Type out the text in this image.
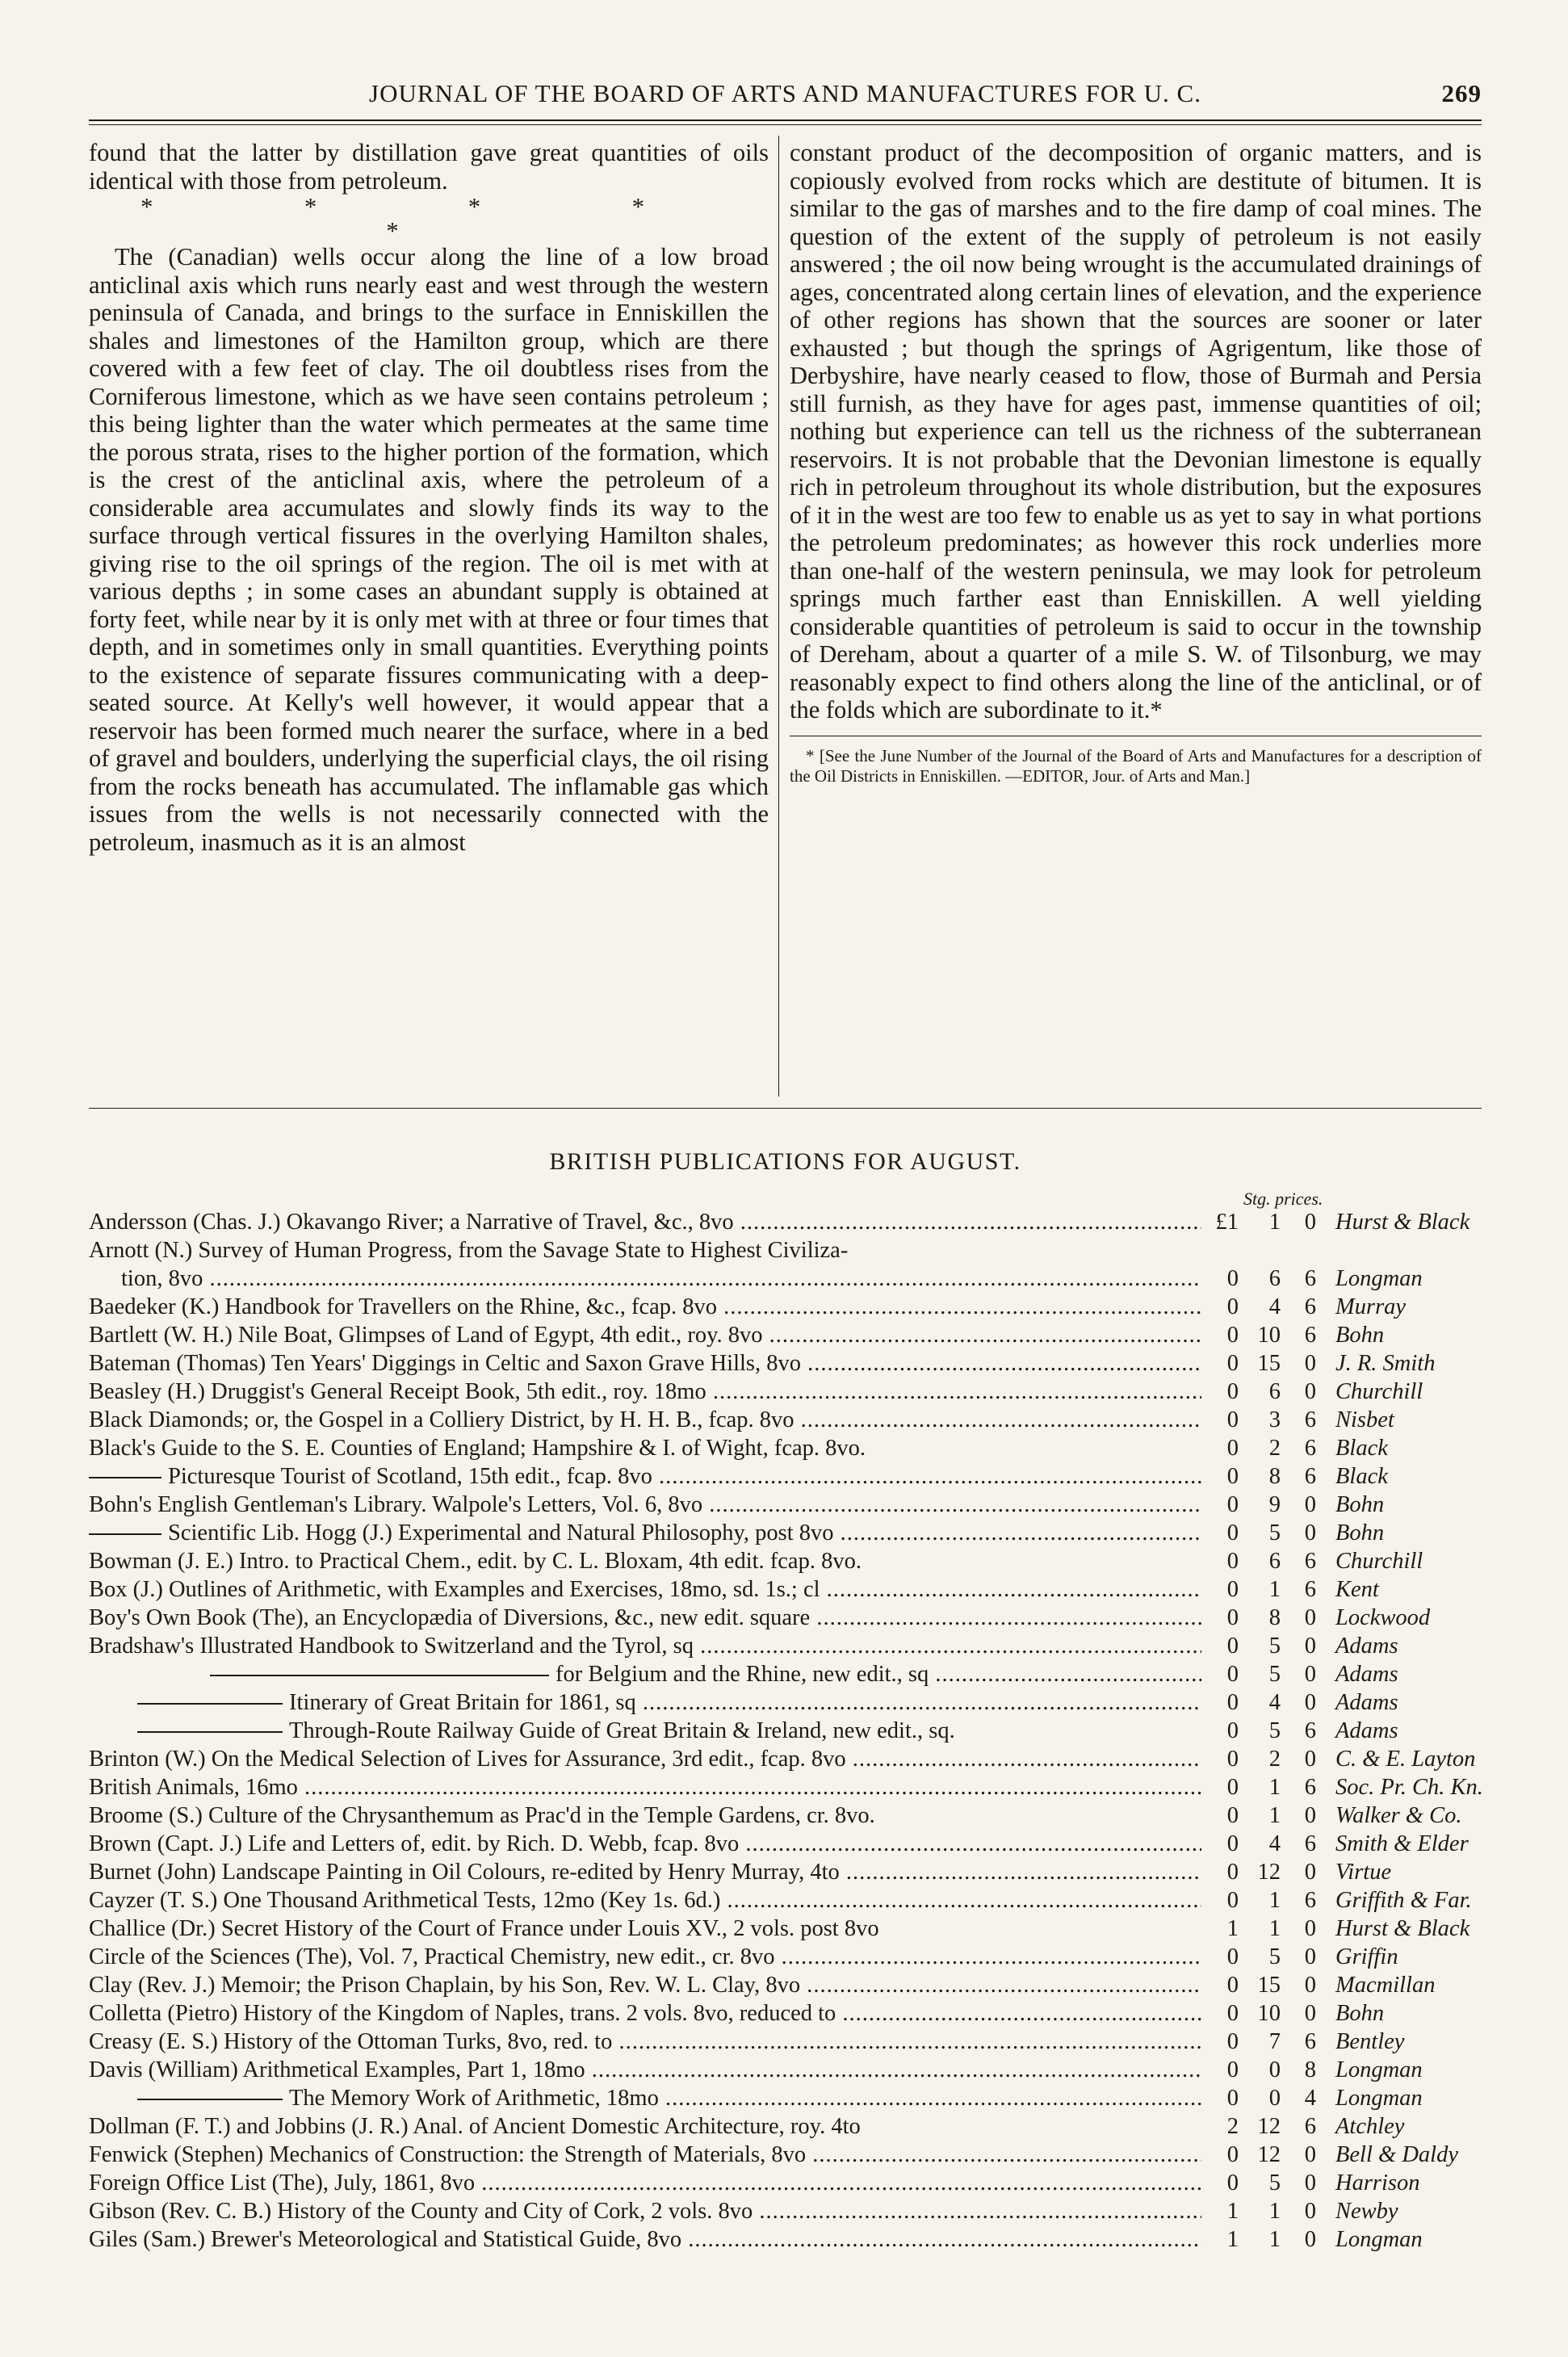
JOURNAL OF THE BOARD OF ARTS AND MANUFACTURES FOR U. C.	269

found that the latter by distillation gave great quantities of oils identical with those from petroleum.

* * * * *

The (Canadian) wells occur along the line of a low broad anticlinal axis which runs nearly east and west through the western peninsula of Canada, and brings to the surface in Enniskillen the shales and limestones of the Hamilton group, which are there covered with a few feet of clay. The oil doubtless rises from the Corniferous limestone, which as we have seen contains petroleum ; this being lighter than the water which permeates at the same time the porous strata, rises to the higher portion of the formation, which is the crest of the anticlinal axis, where the petroleum of a considerable area accumulates and slowly finds its way to the surface through vertical fissures in the overlying Hamilton shales, giving rise to the oil springs of the region. The oil is met with at various depths ; in some cases an abundant supply is obtained at forty feet, while near by it is only met with at three or four times that depth, and in sometimes only in small quantities. Everything points to the existence of separate fissures communicating with a deep-seated source. At Kelly's well however, it would appear that a reservoir has been formed much nearer the surface, where in a bed of gravel and boulders, underlying the superficial clays, the oil rising from the rocks beneath has accumulated. The inflamable gas which issues from the wells is not necessarily connected with the petroleum, inasmuch as it is an almost

constant product of the decomposition of organic matters, and is copiously evolved from rocks which are destitute of bitumen. It is similar to the gas of marshes and to the fire damp of coal mines. The question of the extent of the supply of petroleum is not easily answered ; the oil now being wrought is the accumulated drainings of ages, concentrated along certain lines of elevation, and the experience of other regions has shown that the sources are sooner or later exhausted ; but though the springs of Agrigentum, like those of Derbyshire, have nearly ceased to flow, those of Burmah and Persia still furnish, as they have for ages past, immense quantities of oil; nothing but experience can tell us the richness of the subterranean reservoirs. It is not probable that the Devonian limestone is equally rich in petroleum throughout its whole distribution, but the exposures of it in the west are too few to enable us as yet to say in what portions the petroleum predominates; as however this rock underlies more than one-half of the western peninsula, we may look for petroleum springs much farther east than Enniskillen. A well yielding considerable quantities of petroleum is said to occur in the township of Dereham, about a quarter of a mile S. W. of Tilsonburg, we may reasonably expect to find others along the line of the anticlinal, or of the folds which are subordinate to it.*

* [See the June Number of the Journal of the Board of Arts and Manufactures for a description of the Oil Districts in Enniskillen. —EDITOR, Jour. of Arts and Man.]

BRITISH PUBLICATIONS FOR AUGUST.
Stg. prices.
Andersson (Chas. J.) Okavango River; a Narrative of Travel, &c., 8vo .....	£1	1	0 Hurst & Black
Arnott (N.) Survey of Human Progress, from the Savage State to Highest Civiliza-
tion, 8vo .....	0	6	6 Longman
Baedeker (K.) Handbook for Travellers on the Rhine, &c., fcap. 8vo .....	0	4	6 Murray
Bartlett (W. H.) Nile Boat, Glimpses of Land of Egypt, 4th edit., roy. 8vo .....	0 10	6 Bohn
Bateman (Thomas) Ten Years' Diggings in Celtic and Saxon Grave Hills, 8vo .....	0 15	0 J. R. Smith
Beasley (H.) Druggist's General Receipt Book, 5th edit., roy. 18mo .....	0	6	0 Churchill
Black Diamonds; or, the Gospel in a Colliery District, by H. H. B., fcap. 8vo .....	0	3	6 Nisbet
Black's Guide to the S. E. Counties of England; Hampshire & I. of Wight, fcap. 8vo.	0	2	6 Black
Picturesque Tourist of Scotland, 15th edit., fcap. 8vo .....	0	8	6 Black
Bohn's English Gentleman's Library. Walpole's Letters, Vol. 6, 8vo .....	0	9	0 Bohn
Scientific Lib. Hogg (J.) Experimental and Natural Philosophy, post 8vo .....	0	5	0 Bohn
Bowman (J. E.) Intro. to Practical Chem., edit. by C. L. Bloxam, 4th edit. fcap. 8vo.	0	6	6 Churchill
Box (J.) Outlines of Arithmetic, with Examples and Exercises, 18mo, sd. 1s.; cl .....	0	1	6 Kent
Boy's Own Book (The), an Encyclopædia of Diversions, &c., new edit. square .....	0	8	0 Lockwood
Bradshaw's Illustrated Handbook to Switzerland and the Tyrol, sq .....	0	5	0 Adams
for Belgium and the Rhine, new edit., sq .....	0	5	0 Adams
Itinerary of Great Britain for 1861, sq .....	0	4	0 Adams
Through-Route Railway Guide of Great Britain & Ireland, new edit., sq.	0	5	6 Adams
Brinton (W.) On the Medical Selection of Lives for Assurance, 3rd edit., fcap. 8vo .....	0	2	0 C. & E. Layton
British Animals, 16mo .....	0	1	6 Soc. Pr. Ch. Kn.
Broome (S.) Culture of the Chrysanthemum as Prac'd in the Temple Gardens, cr. 8vo.	0	1	0 Walker & Co.
Brown (Capt. J.) Life and Letters of, edit. by Rich. D. Webb, fcap. 8vo .....	0	4	6 Smith & Elder
Burnet (John) Landscape Painting in Oil Colours, re-edited by Henry Murray, 4to .....	0 12	0 Virtue
Cayzer (T. S.) One Thousand Arithmetical Tests, 12mo (Key 1s. 6d.) .....	0	1	6 Griffith & Far.
Challice (Dr.) Secret History of the Court of France under Louis XV., 2 vols. post 8vo	1	1	0 Hurst & Black
Circle of the Sciences (The), Vol. 7, Practical Chemistry, new edit., cr. 8vo .....	0	5	0 Griffin
Clay (Rev. J.) Memoir; the Prison Chaplain, by his Son, Rev. W. L. Clay, 8vo .....	0 15	0 Macmillan
Colletta (Pietro) History of the Kingdom of Naples, trans. 2 vols. 8vo, reduced to .....	0 10	0 Bohn
Creasy (E. S.) History of the Ottoman Turks, 8vo, red. to .....	0	7	6 Bentley
Davis (William) Arithmetical Examples, Part 1, 18mo .....	0	0	8 Longman
The Memory Work of Arithmetic, 18mo .....	0	0	4 Longman
Dollman (F. T.) and Jobbins (J. R.) Anal. of Ancient Domestic Architecture, roy. 4to	2 12	6 Atchley
Fenwick (Stephen) Mechanics of Construction: the Strength of Materials, 8vo .....	0 12	0 Bell & Daldy
Foreign Office List (The), July, 1861, 8vo .....	0	5	0 Harrison
Gibson (Rev. C. B.) History of the County and City of Cork, 2 vols. 8vo .....	1	1	0 Newby
Giles (Sam.) Brewer's Meteorological and Statistical Guide, 8vo .....	1	1	0 Longman
